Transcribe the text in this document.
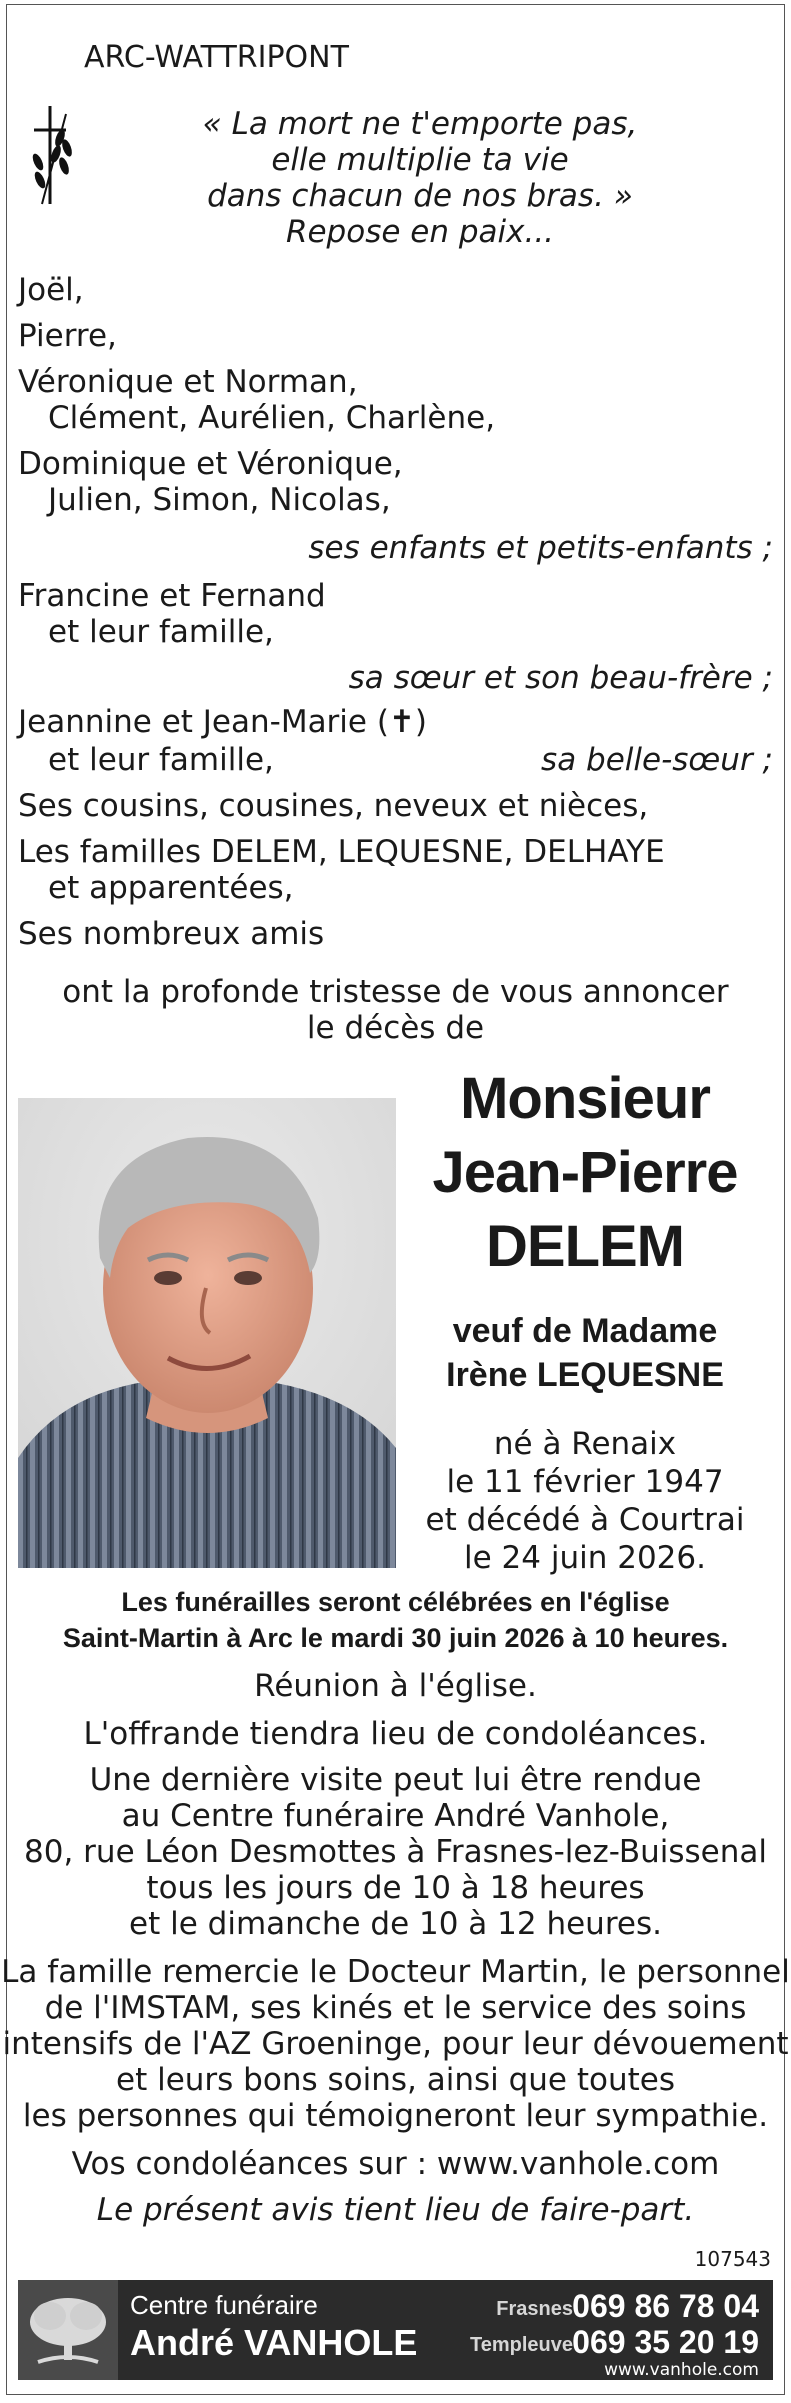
ARC-WATTRIPONT
« La mort ne t'emporte pas,
elle multiplie ta vie
dans chacun de nos bras. »
Repose en paix...
Joël,
Pierre,
Véronique et Norman,
Clément, Aurélien, Charlène,
Dominique et Véronique,
Julien, Simon, Nicolas,
ses enfants et petits-enfants ;
Francine et Fernand
et leur famille,
sa sœur et son beau-frère ;
Jeannine et Jean-Marie (✝)
et leur famille,	sa belle-sœur ;
Ses cousins, cousines, neveux et nièces,
Les familles DELEM, LEQUESNE, DELHAYE
et apparentées,
Ses nombreux amis
ont la profonde tristesse de vous annoncer
le décès de
Monsieur
Jean-Pierre
DELEM
veuf de Madame
Irène LEQUESNE
né à Renaix
le 11 février 1947
et décédé à Courtrai
le 24 juin 2026.
Les funérailles seront célébrées en l'église
Saint-Martin à Arc le mardi 30 juin 2026 à 10 heures.
Réunion à l'église.
L'offrande tiendra lieu de condoléances.
Une dernière visite peut lui être rendue
au Centre funéraire André Vanhole,
80, rue Léon Desmottes à Frasnes-lez-Buissenal
tous les jours de 10 à 18 heures
et le dimanche de 10 à 12 heures.
La famille remercie le Docteur Martin, le personnel
de l'IMSTAM, ses kinés et le service des soins
intensifs de l'AZ Groeninge, pour leur dévouement
et leurs bons soins, ainsi que toutes
les personnes qui témoigneront leur sympathie.
Vos condoléances sur : www.vanhole.com
Le présent avis tient lieu de faire-part.
107543
Centre funéraire
André VANHOLE
Frasnes 069 86 78 04
Templeuve 069 35 20 19
www.vanhole.com
